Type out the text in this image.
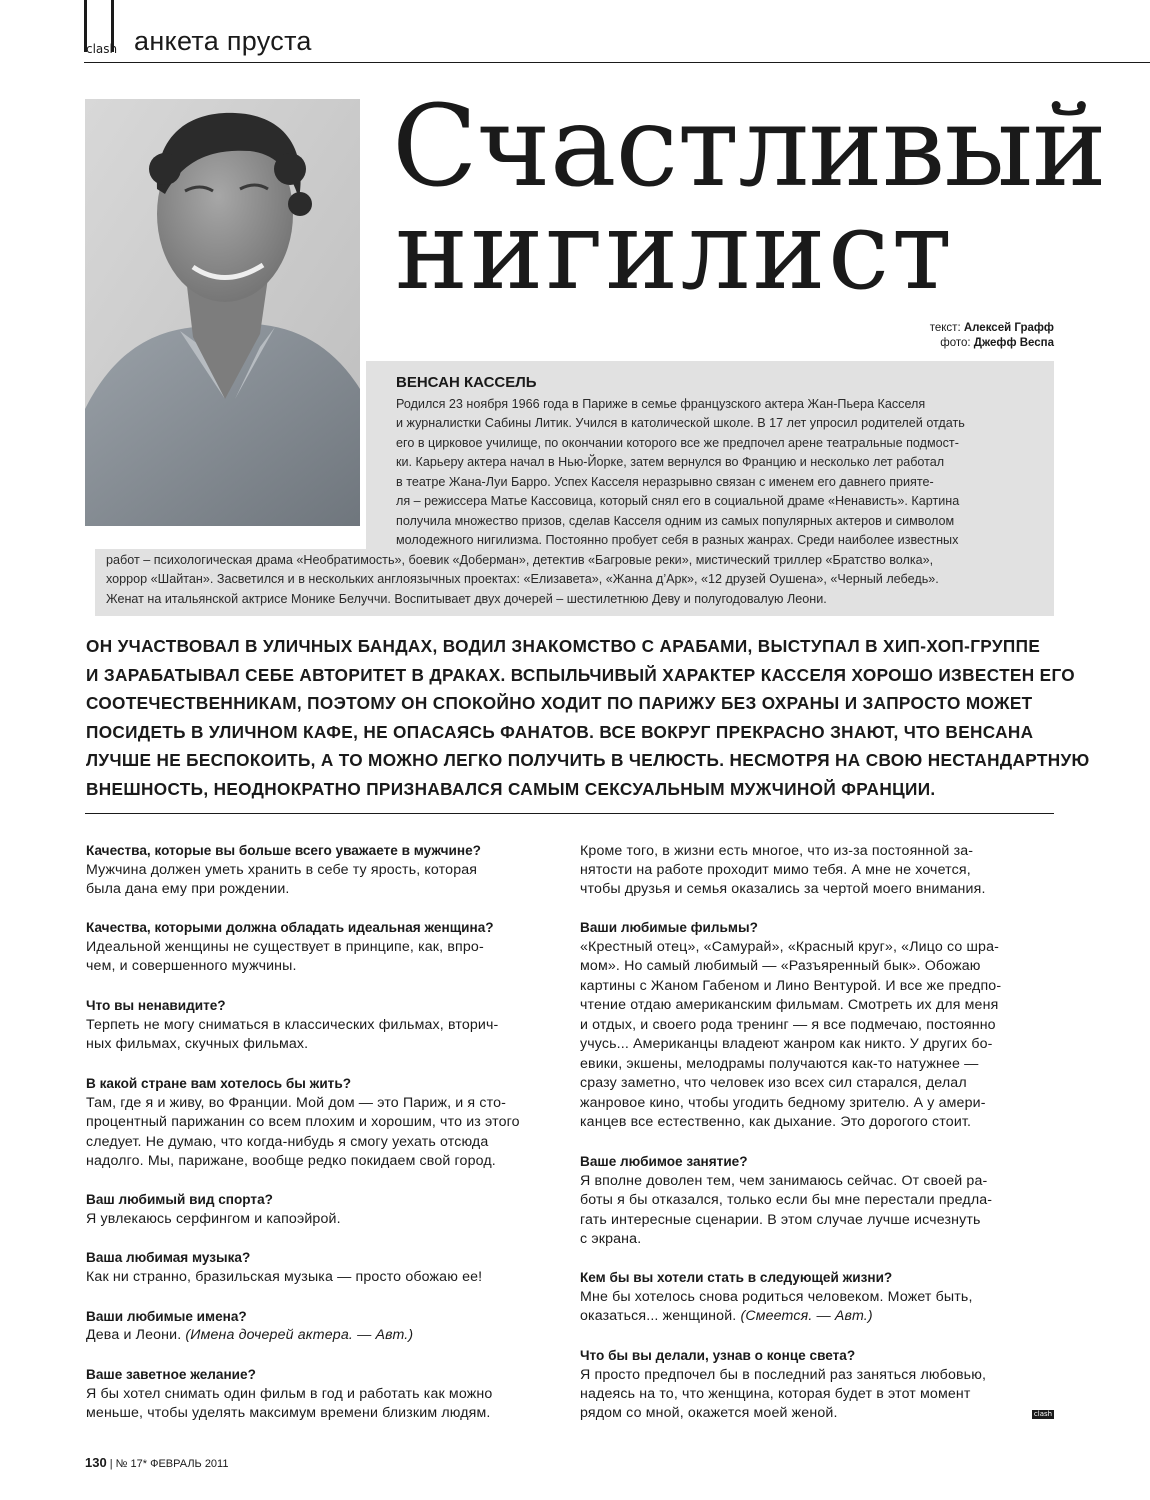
clash анкета пруста
Счастливый
нигилист
текст: Алексей Графф
фото: Джефф Веспа
ВЕНСАН КАССЕЛЬ
Родился 23 ноября 1966 года в Париже в семье французского актера Жан-Пьера Касселя
и журналистки Сабины Литик. Учился в католической школе. В 17 лет упросил родителей отдать
его в цирковое училище, по окончании которого все же предпочел арене театральные подмост-
ки. Карьеру актера начал в Нью-Йорке, затем вернулся во Францию и несколько лет работал
в театре Жана-Луи Барро. Успех Касселя неразрывно связан с именем его давнего прияте-
ля – режиссера Матье Кассовица, который снял его в социальной драме «Ненависть». Картина
получила множество призов, сделав Касселя одним из самых популярных актеров и символом
молодежного нигилизма. Постоянно пробует себя в разных жанрах. Среди наиболее известных
работ – психологическая драма «Необратимость», боевик «Доберман», детектив «Багровые реки», мистический триллер «Братство волка»,
хоррор «Шайтан». Засветился и в нескольких англоязычных проектах: «Елизавета», «Жанна д’Арк», «12 друзей Оушена», «Черный лебедь».
Женат на итальянской актрисе Монике Белуччи. Воспитывает двух дочерей – шестилетнюю Деву и полугодовалую Леони.
ОН УЧАСТВОВАЛ В УЛИЧНЫХ БАНДАХ, ВОДИЛ ЗНАКОМСТВО С АРАБАМИ, ВЫСТУПАЛ В ХИП-ХОП-ГРУППЕ
И ЗАРАБАТЫВАЛ СЕБЕ АВТОРИТЕТ В ДРАКАХ. ВСПЫЛЬЧИВЫЙ ХАРАКТЕР КАССЕЛЯ ХОРОШО ИЗВЕСТЕН ЕГО
СООТЕЧЕСТВЕННИКАМ, ПОЭТОМУ ОН СПОКОЙНО ХОДИТ ПО ПАРИЖУ БЕЗ ОХРАНЫ И ЗАПРОСТО МОЖЕТ
ПОСИДЕТЬ В УЛИЧНОМ КАФЕ, НЕ ОПАСАЯСЬ ФАНАТОВ. ВСЕ ВОКРУГ ПРЕКРАСНО ЗНАЮТ, ЧТО ВЕНСАНА
ЛУЧШЕ НЕ БЕСПОКОИТЬ, А ТО МОЖНО ЛЕГКО ПОЛУЧИТЬ В ЧЕЛЮСТЬ. НЕСМОТРЯ НА СВОЮ НЕСТАНДАРТНУЮ
ВНЕШНОСТЬ, НЕОДНОКРАТНО ПРИЗНАВАЛСЯ САМЫМ СЕКСУАЛЬНЫМ МУЖЧИНОЙ ФРАНЦИИ.
Качества, которые вы больше всего уважаете в мужчине?
Мужчина должен уметь хранить в себе ту ярость, которая
была дана ему при рождении.
Качества, которыми должна обладать идеальная женщина?
Идеальной женщины не существует в принципе, как, впро-
чем, и совершенного мужчины.
Что вы ненавидите?
Терпеть не могу сниматься в классических фильмах, вторич-
ных фильмах, скучных фильмах.
В какой стране вам хотелось бы жить?
Там, где я и живу, во Франции. Мой дом — это Париж, и я сто-
процентный парижанин со всем плохим и хорошим, что из этого
следует. Не думаю, что когда-нибудь я смогу уехать отсюда
надолго. Мы, парижане, вообще редко покидаем свой город.
Ваш любимый вид спорта?
Я увлекаюсь серфингом и капоэйрой.
Ваша любимая музыка?
Как ни странно, бразильская музыка — просто обожаю ее!
Ваши любимые имена?
Дева и Леони. (Имена дочерей актера. — Авт.)
Ваше заветное желание?
Я бы хотел снимать один фильм в год и работать как можно
меньше, чтобы уделять максимум времени близким людям.
Кроме того, в жизни есть многое, что из-за постоянной за-
нятости на работе проходит мимо тебя. А мне не хочется,
чтобы друзья и семья оказались за чертой моего внимания.
Ваши любимые фильмы?
«Крестный отец», «Самурай», «Красный круг», «Лицо со шра-
мом». Но самый любимый — «Разъяренный бык». Обожаю
картины с Жаном Габеном и Лино Вентурой. И все же предпо-
чтение отдаю американским фильмам. Смотреть их для меня
и отдых, и своего рода тренинг — я все подмечаю, постоянно
учусь... Американцы владеют жанром как никто. У других бо-
евики, экшены, мелодрамы получаются как-то натужнее —
сразу заметно, что человек изо всех сил старался, делал
жанровое кино, чтобы угодить бедному зрителю. А у амери-
канцев все естественно, как дыхание. Это дорогого стоит.
Ваше любимое занятие?
Я вполне доволен тем, чем занимаюсь сейчас. От своей ра-
боты я бы отказался, только если бы мне перестали предла-
гать интересные сценарии. В этом случае лучше исчезнуть
с экрана.
Кем бы вы хотели стать в следующей жизни?
Мне бы хотелось снова родиться человеком. Может быть,
оказаться... женщиной. (Смеется. — Авт.)
Что бы вы делали, узнав о конце света?
Я просто предпочел бы в последний раз заняться любовью,
надеясь на то, что женщина, которая будет в этот момент
рядом со мной, окажется моей женой.	clash
130 | № 17* ФЕВРАЛЬ 2011
